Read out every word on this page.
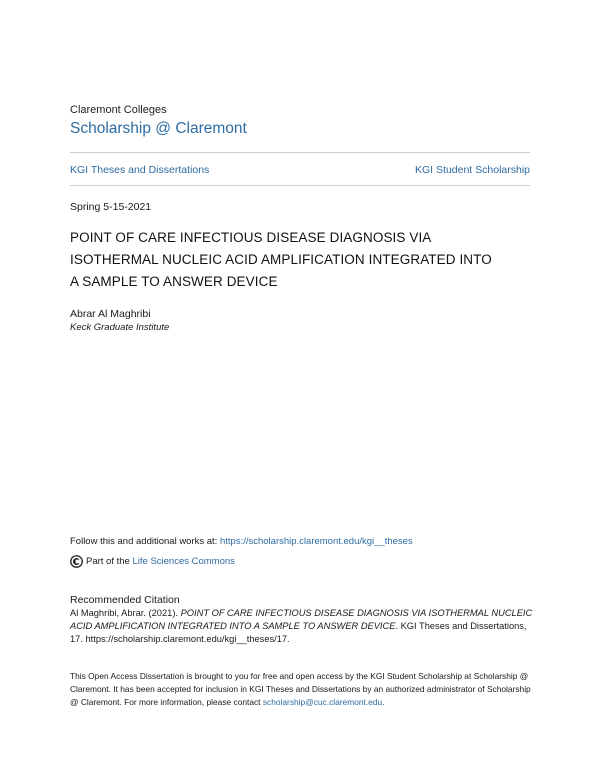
Claremont Colleges
Scholarship @ Claremont
KGI Theses and Dissertations	KGI Student Scholarship
Spring 5-15-2021
POINT OF CARE INFECTIOUS DISEASE DIAGNOSIS VIA
ISOTHERMAL NUCLEIC ACID AMPLIFICATION INTEGRATED INTO
A SAMPLE TO ANSWER DEVICE
Abrar Al Maghribi
Keck Graduate Institute
Follow this and additional works at: https://scholarship.claremont.edu/kgi__theses
Part of the
Life Sciences Commons
Recommended Citation
Al Maghribi, Abrar. (2021). POINT OF CARE INFECTIOUS DISEASE DIAGNOSIS VIA ISOTHERMAL NUCLEIC ACID AMPLIFICATION INTEGRATED INTO A SAMPLE TO ANSWER DEVICE. KGI Theses and Dissertations, 17. https://scholarship.claremont.edu/kgi__theses/17.
This Open Access Dissertation is brought to you for free and open access by the KGI Student Scholarship at Scholarship @ Claremont. It has been accepted for inclusion in KGI Theses and Dissertations by an authorized administrator of Scholarship @ Claremont. For more information, please contact scholarship@cuc.claremont.edu.
